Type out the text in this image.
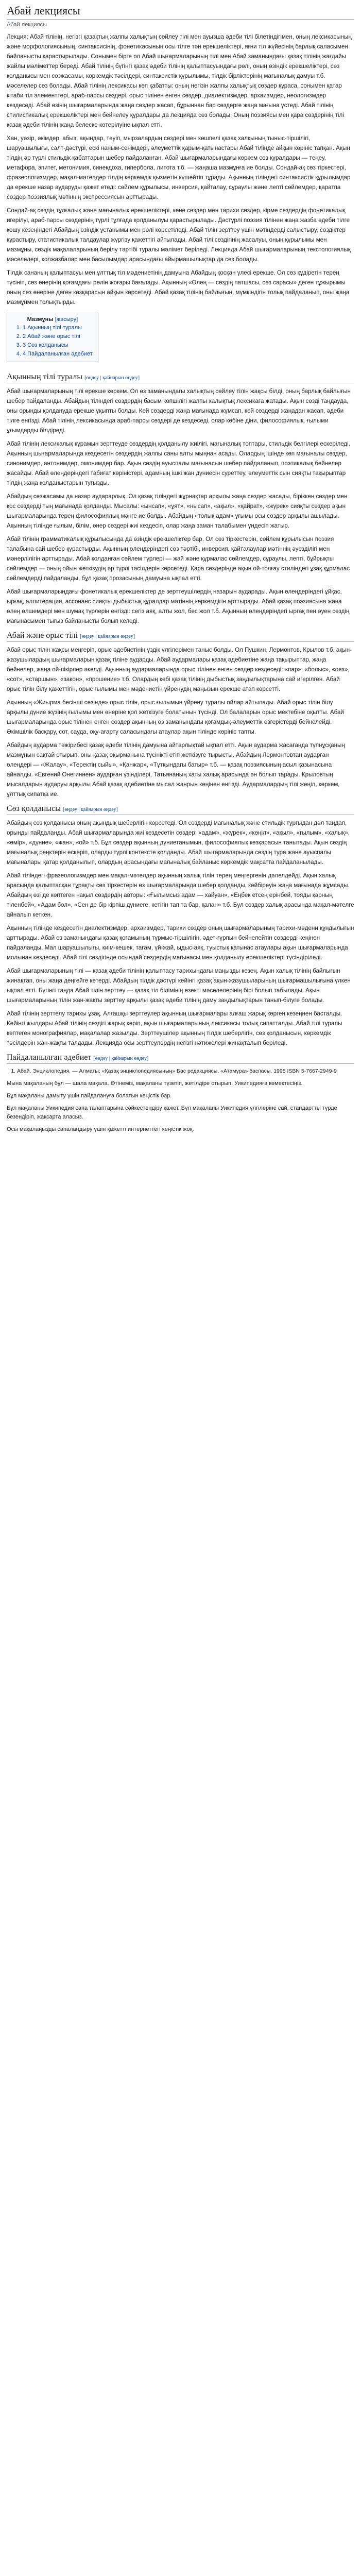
Абай лекциясы
Абай лекциясы
Лекция; Абай тілінің, негізгі қазақтың жалпы халықтың сөйлеу тілі мен ауызша әдеби тілі білетіндігімен, оның лексикасының және морфологиясының, синтаксисінің, фонетикасының осы тілге тән ерекшеліктері, яғни тіл жүйесінің барлық саласымен байланысты қарастырылады. Сонымен бірге ол Абай шығармаларының тілі мен Абай заманындағы қазақ тілінің жағдайы жайлы мәліметтер береді. Абай тілінің бүгінгі қазақ әдеби тілінің қалыптасуындағы рөлі, оның өзіндік ерекшеліктері, сөз қолданысы мен сөзжасамы, көркемдік тәсілдері, синтаксистік құрылымы, тілдік бірліктерінің мағыналық дамуы т.б. мәселелер сөз болады. Абай тілінің лексикасы көп қабатты: оның негізін жалпы халықтық сөздер құраса, сонымен қатар кітаби тіл элементтері, араб-парсы сөздері, орыс тілінен енген сөздер, диалектизмдер, архаизмдер, неологизмдер кездеседі. Абай өзінің шығармаларында жаңа сөздер жасап, бұрыннан бар сөздерге жаңа мағына үстеді. Абай тілінің стилистикалық ерекшеліктері мен бейнелеу құралдары да лекцияда сөз болады. Оның поэзиясы мен қара сөздерінің тілі қазақ әдеби тілінің жаңа белеске көтерілуіне ықпал етті.
Хан, уәзір, әкімдер, абыз, ақындар, тәуіп, мырзалардың сөздері мен көшпелі қазақ халқының тыныс-тіршілігі, шаруашылығы, салт-дәстүрі, ескі наным-сенімдері, әлеуметтік қарым-қатынастары Абай тілінде айқын көрініс тапқан. Ақын тілдің әр түрлі стильдік қабаттарын шебер пайдаланған. Абай шығармаларындағы көркем сөз құралдары — теңеу, метафора, эпитет, метонимия, синекдоха, гипербола, литота т.б. — жаңаша мазмұнға ие болды. Сондай-ақ сөз тіркестері, фразеологизмдер, мақал-мәтелдер тілдің көркемдік қызметін күшейтіп тұрады. Ақынның тіліндегі синтаксистік құрылымдар да ерекше назар аударуды қажет етеді: сөйлем құрылысы, инверсия, қайталау, сұраулы және лепті сөйлемдер, қаратпа сөздер поэзиялық мәтіннің экспрессиясын арттырады.
Сондай-ақ сөздің тұлғалық және мағыналық ерекшеліктері, көне сөздер мен тарихи сөздер, кірме сөздердің фонетикалық игерілуі, араб-парсы сөздерінің түрлі тұлғада қолданылуы қарастырылады. Дәстүрлі поэзия тілінен жаңа жазба әдеби тілге көшу кезеңіндегі Абайдың өзіндік ұстанымы мен рөлі көрсетіледі. Абай тілін зерттеу үшін мәтіндерді салыстыру, сөздіктер құрастыру, статистикалық талдаулар жүргізу қажеттігі айтылады. Абай тілі сөздігінің жасалуы, оның құрылымы мен мазмұны, сөздік мақалаларының берілу тәртібі туралы мәлімет беріледі. Лекцияда Абай шығармаларының текстологиялық мәселелері, қолжазбалар мен басылымдар арасындағы айырмашылықтар да сөз болады.
Тілдік сананың қалыптасуы мен ұлттық тіл мәдениетінің дамуына Абайдың қосқан үлесі ерекше. Ол сөз құдіретін терең түсініп, сөз өнерінің қоғамдағы рөлін жоғары бағалады. Ақынның «Өлең — сөздің патшасы, сөз сарасы» деген тұжырымы оның сөз өнеріне деген көзқарасын айқын көрсетеді. Абай қазақ тілінің байлығын, мүмкіндігін толық пайдаланып, оны жаңа мазмұнмен толықтырды.
Мазмұны [жасыру]
1. 1 Ақынның тілі туралы
2. 2 Абай және орыс тілі
3. 3 Сөз қолданысы
4. 4 Пайдаланылған әдебиет
Ақынның тілі туралы [өңдеу | қайнарын өңдеу]
Абай шығармаларының тілі ерекше көркем. Ол өз заманындағы халықтың сөйлеу тілін жақсы білді, оның барлық байлығын шебер пайдаланды. Абайдың тіліндегі сөздердің басым көпшілігі жалпы халықтық лексикаға жатады. Ақын сөзді таңдауда, оны орынды қолдануда ерекше ұқыпты болды. Кей сөздерді жаңа мағынада жұмсап, кей сөздерді жаңадан жасап, әдеби тілге енгізді. Абай тілінің лексикасында араб-парсы сөздері де кездеседі, олар көбіне діни, философиялық, ғылыми ұғымдарды білдіреді.
Абай тілінің лексикалық құрамын зерттеуде сөздердің қолданылу жиілігі, мағыналық топтары, стильдік белгілері ескеріледі. Ақынның шығармаларында кездесетін сөздердің жалпы саны алты мыңнан асады. Олардың ішінде көп мағыналы сөздер, синонимдер, антонимдер, омонимдер бар. Ақын сөздің ауыспалы мағынасын шебер пайдаланып, поэтикалық бейнелер жасайды. Абай өлеңдеріндегі табиғат көріністері, адамның ішкі жан дүниесін суреттеу, әлеуметтік сын сияқты тақырыптар тілдің жаңа қолданыстарын туғызды.
Абайдың сөзжасамы да назар аударарлық. Ол қазақ тіліндегі жұрнақтар арқылы жаңа сөздер жасады, біріккен сөздер мен қос сөздерді тың мағынада қолданды. Мысалы: «ынсап», «ұят», «нысап», «ақыл», «қайрат», «жүрек» сияқты сөздер ақын шығармаларында терең философиялық мәнге ие болды. Абайдың «толық адам» ұғымы осы сөздер арқылы ашылады. Ақынның тілінде ғылым, білім, өнер сөздері жиі кездесіп, олар жаңа заман талабымен үндесіп жатыр.
Абай тілінің грамматикалық құрылысында да өзіндік ерекшеліктер бар. Ол сөз тіркестерін, сөйлем құрылысын поэзия талабына сай шебер құрастырды. Ақынның өлеңдеріндегі сөз тәртібі, инверсия, қайталаулар мәтіннің әуезділігі мен мәнерлілігін арттырады. Абай қолданған сөйлем түрлері — жай және құрмалас сөйлемдер, сұраулы, лепті, бұйрықты сөйлемдер — оның ойын жеткізудің әр түрлі тәсілдерін көрсетеді. Қара сөздерінде ақын ой-толғау стиліндегі ұзақ құрмалас сөйлемдерді пайдаланды, бұл қазақ прозасының дамуына ықпал етті.
Абай шығармаларындағы фонетикалық ерекшеліктер де зерттеушілердің назарын аударады. Ақын өлеңдеріндегі ұйқас, ырғақ, аллитерация, ассонанс сияқты дыбыстық құралдар мәтіннің көркемдігін арттырады. Абай қазақ поэзиясына жаңа өлең өлшемдері мен шумақ түрлерін енгізді: сегіз аяқ, алты жол, бес жол т.б. Ақынның өлеңдеріндегі ырғақ пен әуен сөздің мағынасымен тығыз байланысты болып келеді.
Абай және орыс тілі [өңдеу | қайнарын өңдеу]
Абай орыс тілін жақсы меңгеріп, орыс әдебиетінің үздік үлгілерімен таныс болды. Ол Пушкин, Лермонтов, Крылов т.б. ақын-жазушылардың шығармаларын қазақ тіліне аударды. Абай аудармалары қазақ әдебиетіне жаңа тақырыптар, жаңа бейнелер, жаңа ой-пікірлер әкелді. Ақынның аудармаларында орыс тілінен енген сөздер кездеседі: «пар», «болыс», «ояз», «сот», «старшын», «закон», «прошение» т.б. Олардың көбі қазақ тілінің дыбыстық заңдылықтарына сай игерілген. Абай орыс тілін білу қажеттігін, орыс ғылымы мен мәдениетін үйренудің маңызын ерекше атап көрсетті.
Ақынның «Жиырма бесінші сөзінде» орыс тілін, орыс ғылымын үйрену туралы ойлар айтылады. Абай орыс тілін білу арқылы дүние жүзінің ғылымы мен өнеріне қол жеткізуге болатынын түсінді. Ол балаларын орыс мектебіне оқытты. Абай шығармаларында орыс тілінен енген сөздер ақынның өз заманындағы қоғамдық-әлеуметтік өзгерістерді бейнелейді. Әкімшілік басқару, сот, сауда, оқу-ағарту саласындағы атаулар ақын тілінде көрініс тапты.
Абайдың аударма тәжірибесі қазақ әдеби тілінің дамуына айтарлықтай ықпал етті. Ақын аударма жасағанда түпнұсқаның мазмұнын сақтай отырып, оны қазақ оқырманына түсінікті етіп жеткізуге тырысты. Абайдың Лермонтовтан аударған өлеңдері — «Жалау», «Теректің сыйы», «Қанжар», «Тұтқындағы батыр» т.б. — қазақ поэзиясының асыл қазынасына айналды. «Евгений Онегиннен» аударған үзінділері, Татьянаның хаты халық арасында ән болып тарады. Крыловтың мысалдарын аударуы арқылы Абай қазақ әдебиетіне мысал жанрын кеңінен енгізді. Аудармалардың тілі жеңіл, көркем, ұлттық сипатқа ие.
Сөз қолданысы [өңдеу | қайнарын өңдеу]
Абайдың сөз қолданысы оның ақындық шеберлігін көрсетеді. Ол сөздерді мағыналық және стильдік тұрғыдан дәл таңдап, орынды пайдаланды. Абай шығармаларында жиі кездесетін сөздер: «адам», «жүрек», «көңіл», «ақыл», «ғылым», «халық», «өмір», «дүние», «жан», «ой» т.б. Бұл сөздер ақынның дүниетанымын, философиялық көзқарасын танытады. Ақын сөздің мағыналық реңктерін ескеріп, оларды түрлі контексте қолданды. Абай шығармаларында сөздің тура және ауыспалы мағыналары қатар қолданылып, олардың арасындағы мағыналық байланыс көркемдік мақсатта пайдаланылады.
Абай тіліндегі фразеологизмдер мен мақал-мәтелдер ақынның халық тілін терең меңгергенін дәлелдейді. Ақын халық арасында қалыптасқан тұрақты сөз тіркестерін өз шығармаларында шебер қолданды, кейбіреуін жаңа мағынада жұмсады. Абайдың өзі де көптеген нақыл сөздердің авторы: «Ғылымсыз адам — хайуан», «Еңбек етсең ерінбей, тояды қарның тіленбей», «Адам бол», «Сен де бір кірпіш дүниеге, кетігін тап та бар, қалан» т.б. Бұл сөздер халық арасында мақал-мәтелге айналып кеткен.
Ақынның тілінде кездесетін диалектизмдер, архаизмдер, тарихи сөздер оның шығармаларының тарихи-мәдени құндылығын арттырады. Абай өз заманындағы қазақ қоғамының тұрмыс-тіршілігін, әдет-ғұрпын бейнелейтін сөздерді кеңінен пайдаланды. Мал шаруашылығы, киім-кешек, тағам, үй-жай, ыдыс-аяқ, туыстық қатынас атаулары ақын шығармаларында молынан кездеседі. Абай тілі сөздігінде осындай сөздердің мағынасы мен қолданылу ерекшеліктері түсіндіріледі.
Абай шығармаларының тілі — қазақ әдеби тілінің қалыптасу тарихындағы маңызды кезең. Ақын халық тілінің байлығын жинақтап, оны жаңа деңгейге көтерді. Абайдың тілдік дәстүрі кейінгі қазақ ақын-жазушыларының шығармашылығына үлкен ықпал етті. Бүгінгі таңда Абай тілін зерттеу — қазақ тіл білімінің өзекті мәселелерінің бірі болып табылады. Ақын шығармаларының тілін жан-жақты зерттеу арқылы қазақ әдеби тілінің даму заңдылықтарын танып-білуге болады.
Абай тілінің зерттелу тарихы ұзақ. Алғашқы зерттеулер ақынның шығармалары алғаш жарық көрген кезеңнен басталды. Кейінгі жылдары Абай тілінің сөздігі жарық көріп, ақын шығармаларының лексикасы толық сипатталды. Абай тілі туралы көптеген монографиялар, мақалалар жазылды. Зерттеушілер ақынның тілдік шеберлігін, сөз қолданысын, көркемдік тәсілдерін жан-жақты талдады. Лекцияда осы зерттеулердің негізгі нәтижелері жинақталып беріледі.
Пайдаланылған әдебиет [өңдеу | қайнарын өңдеу]
1. Абай. Энциклопедия. — Алматы: «Қазақ энциклопедиясының» Бас редакциясы, «Атамұра» баспасы, 1995 ISBN 5-7667-2949-9
Мына мақаланың бұл — шала мақала. Өтінеміз, мақаланы түзетіп, жетілдіре отырып, Уикипедияға көмектесіңіз.
Бұл мақаланы дамыту үшін пайдалануға болатын кеңістік бар.
Бұл мақаланы Уикипедия сапа талаптарына сәйкестендіру қажет. Бұл мақаланы Уикипедия үлгілеріне сай, стандартты түрде безендіріп, жақсарта аласыз.
Осы мақалаңызды сапаландыру үшін қажетті интернеттегі кеңістік жоқ.
